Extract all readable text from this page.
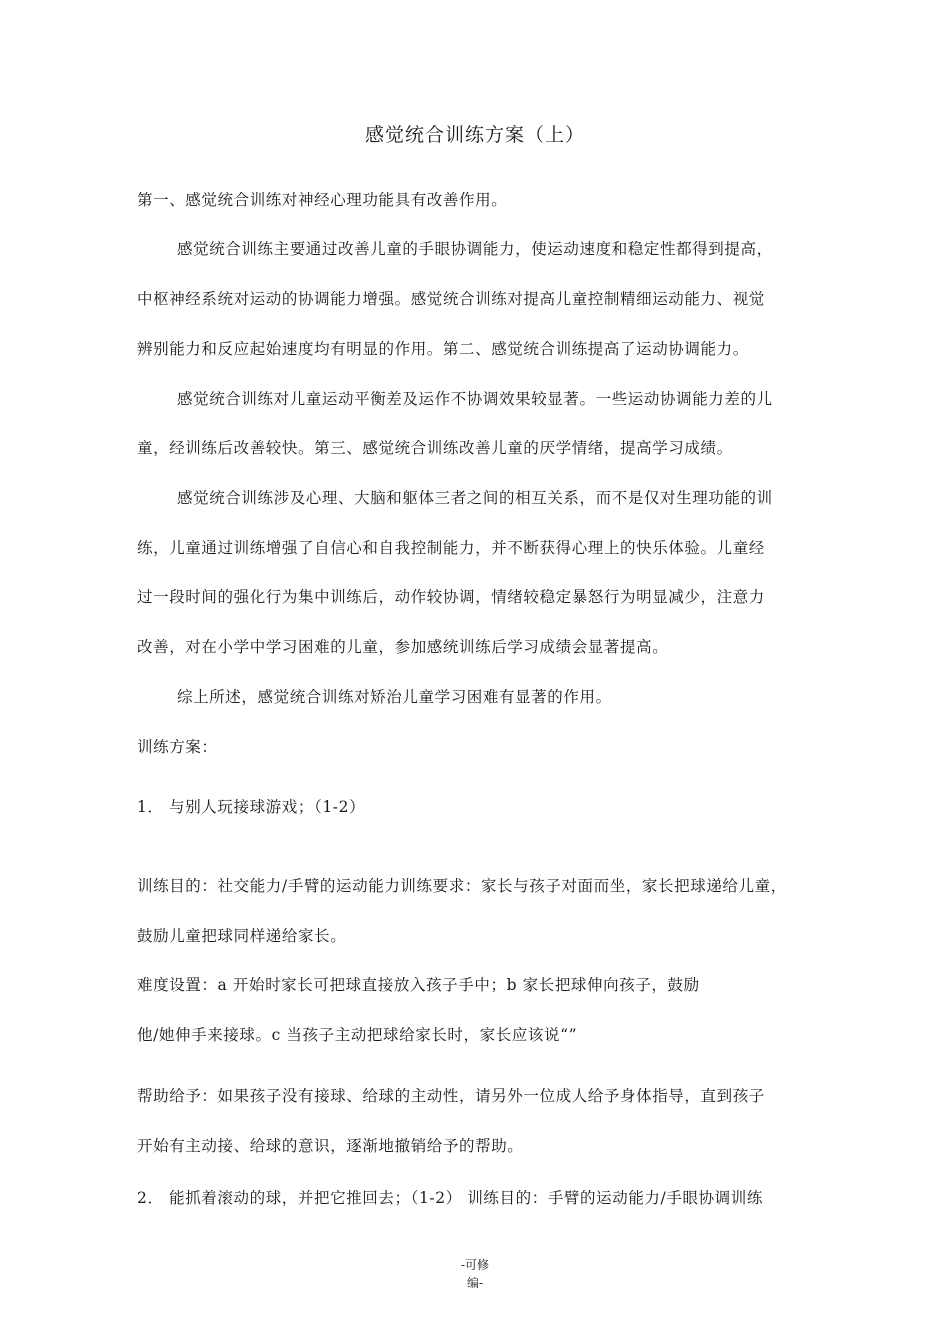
感觉统合训练方案（上）
第一、感觉统合训练对神经心理功能具有改善作用。
感觉统合训练主要通过改善儿童的手眼协调能力，使运动速度和稳定性都得到提高，
中枢神经系统对运动的协调能力增强。感觉统合训练对提高儿童控制精细运动能力、视觉
辨别能力和反应起始速度均有明显的作用。第二、感觉统合训练提高了运动协调能力。
感觉统合训练对儿童运动平衡差及运作不协调效果较显著。一些运动协调能力差的儿
童，经训练后改善较快。第三、感觉统合训练改善儿童的厌学情绪，提高学习成绩。
感觉统合训练涉及心理、大脑和躯体三者之间的相互关系，而不是仅对生理功能的训
练，儿童通过训练增强了自信心和自我控制能力，并不断获得心理上的快乐体验。儿童经
过一段时间的强化行为集中训练后，动作较协调，情绪较稳定暴怒行为明显减少，注意力
改善，对在小学中学习困难的儿童，参加感统训练后学习成绩会显著提高。
综上所述，感觉统合训练对矫治儿童学习困难有显著的作用。
训练方案：
1． 与别人玩接球游戏；（1-2）
训练目的：社交能力/手臂的运动能力训练要求：家长与孩子对面而坐，家长把球递给儿童，
鼓励儿童把球同样递给家长。
难度设置：a 开始时家长可把球直接放入孩子手中；b 家长把球伸向孩子，鼓励
他/她伸手来接球。c 当孩子主动把球给家长时，家长应该说“”
帮助给予：如果孩子没有接球、给球的主动性，请另外一位成人给予身体指导，直到孩子
开始有主动接、给球的意识，逐渐地撤销给予的帮助。
2． 能抓着滚动的球，并把它推回去；（1-2） 训练目的：手臂的运动能力/手眼协调训练
-可修
编-
